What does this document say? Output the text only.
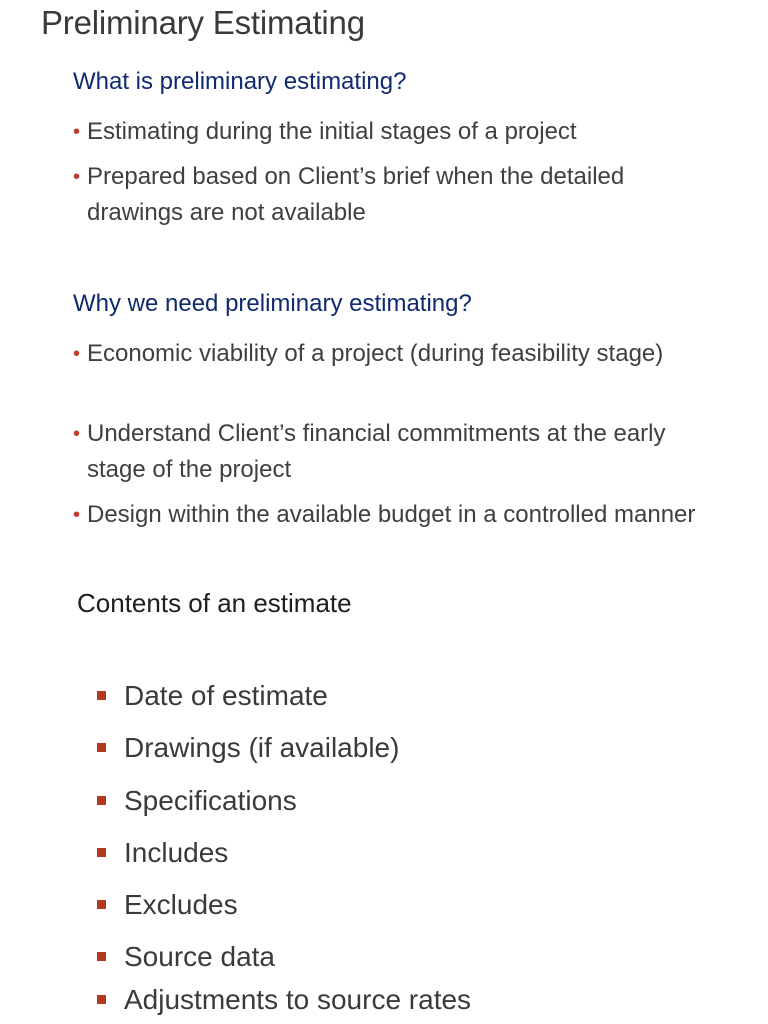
Preliminary Estimating
What is preliminary estimating?
• Estimating during the initial stages of a project
• Prepared based on Client’s brief when the detailed drawings are not available
Why we need preliminary estimating?
• Economic viability of a project (during feasibility stage)
• Understand Client’s financial commitments at the early stage of the project
• Design within the available budget in a controlled manner
Contents of an estimate
Date of estimate
Drawings (if available)
Specifications
Includes
Excludes
Source data
Adjustments to source rates
